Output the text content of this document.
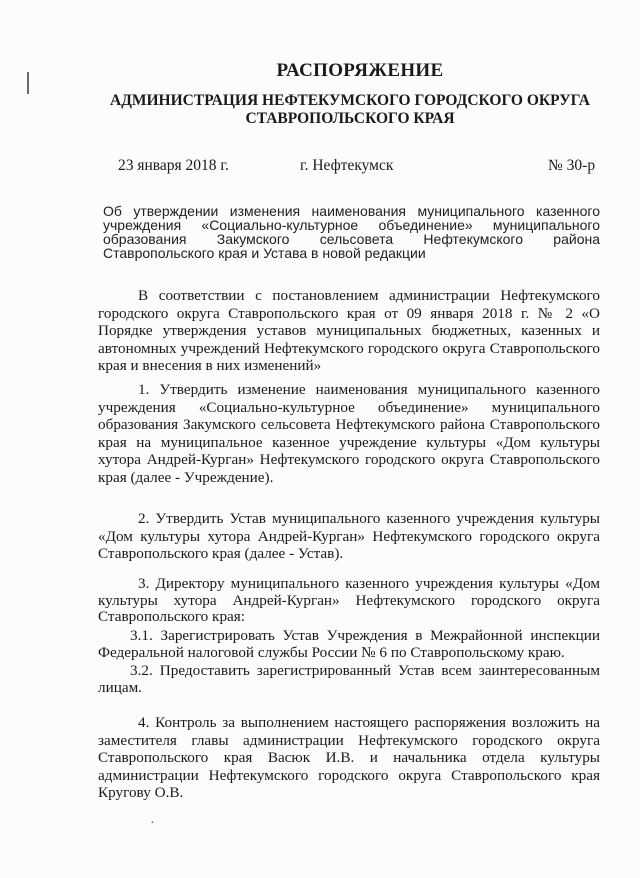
РАСПОРЯЖЕНИЕ
АДМИНИСТРАЦИЯ НЕФТЕКУМСКОГО ГОРОДСКОГО ОКРУГА
СТАВРОПОЛЬСКОГО КРАЯ
23 января 2018 г.	г. Нефтекумск	№ 30-р
Об утверждении изменения наименования муниципального казенного учреждения «Социально-культурное объединение» муниципального образования Закумского сельсовета Нефтекумского района Ставропольского края и Устава в новой редакции
В соответствии с постановлением администрации Нефтекумского городского округа Ставропольского края от 09 января 2018 г. № 2 «О Порядке утверждения уставов муниципальных бюджетных, казенных и автономных учреждений Нефтекумского городского округа Ставропольского края и внесения в них изменений»
1. Утвердить изменение наименования муниципального казенного учреждения «Социально-культурное объединение» муниципального образования Закумского сельсовета Нефтекумского района Ставропольского края на муниципальное казенное учреждение культуры «Дом культуры хутора Андрей-Курган» Нефтекумского городского округа Ставропольского края (далее - Учреждение).
2. Утвердить Устав муниципального казенного учреждения культуры «Дом культуры хутора Андрей-Курган» Нефтекумского городского округа Ставропольского края (далее - Устав).
3. Директору муниципального казенного учреждения культуры «Дом культуры хутора Андрей-Курган» Нефтекумского городского округа Ставропольского края:
3.1. Зарегистрировать Устав Учреждения в Межрайонной инспекции Федеральной налоговой службы России № 6 по Ставропольскому краю.
3.2. Предоставить зарегистрированный Устав всем заинтересованным лицам.
4. Контроль за выполнением настоящего распоряжения возложить на заместителя главы администрации Нефтекумского городского округа Ставропольского края Васюк И.В. и начальника отдела культуры администрации Нефтекумского городского округа Ставропольского края Кругову О.В.
·
